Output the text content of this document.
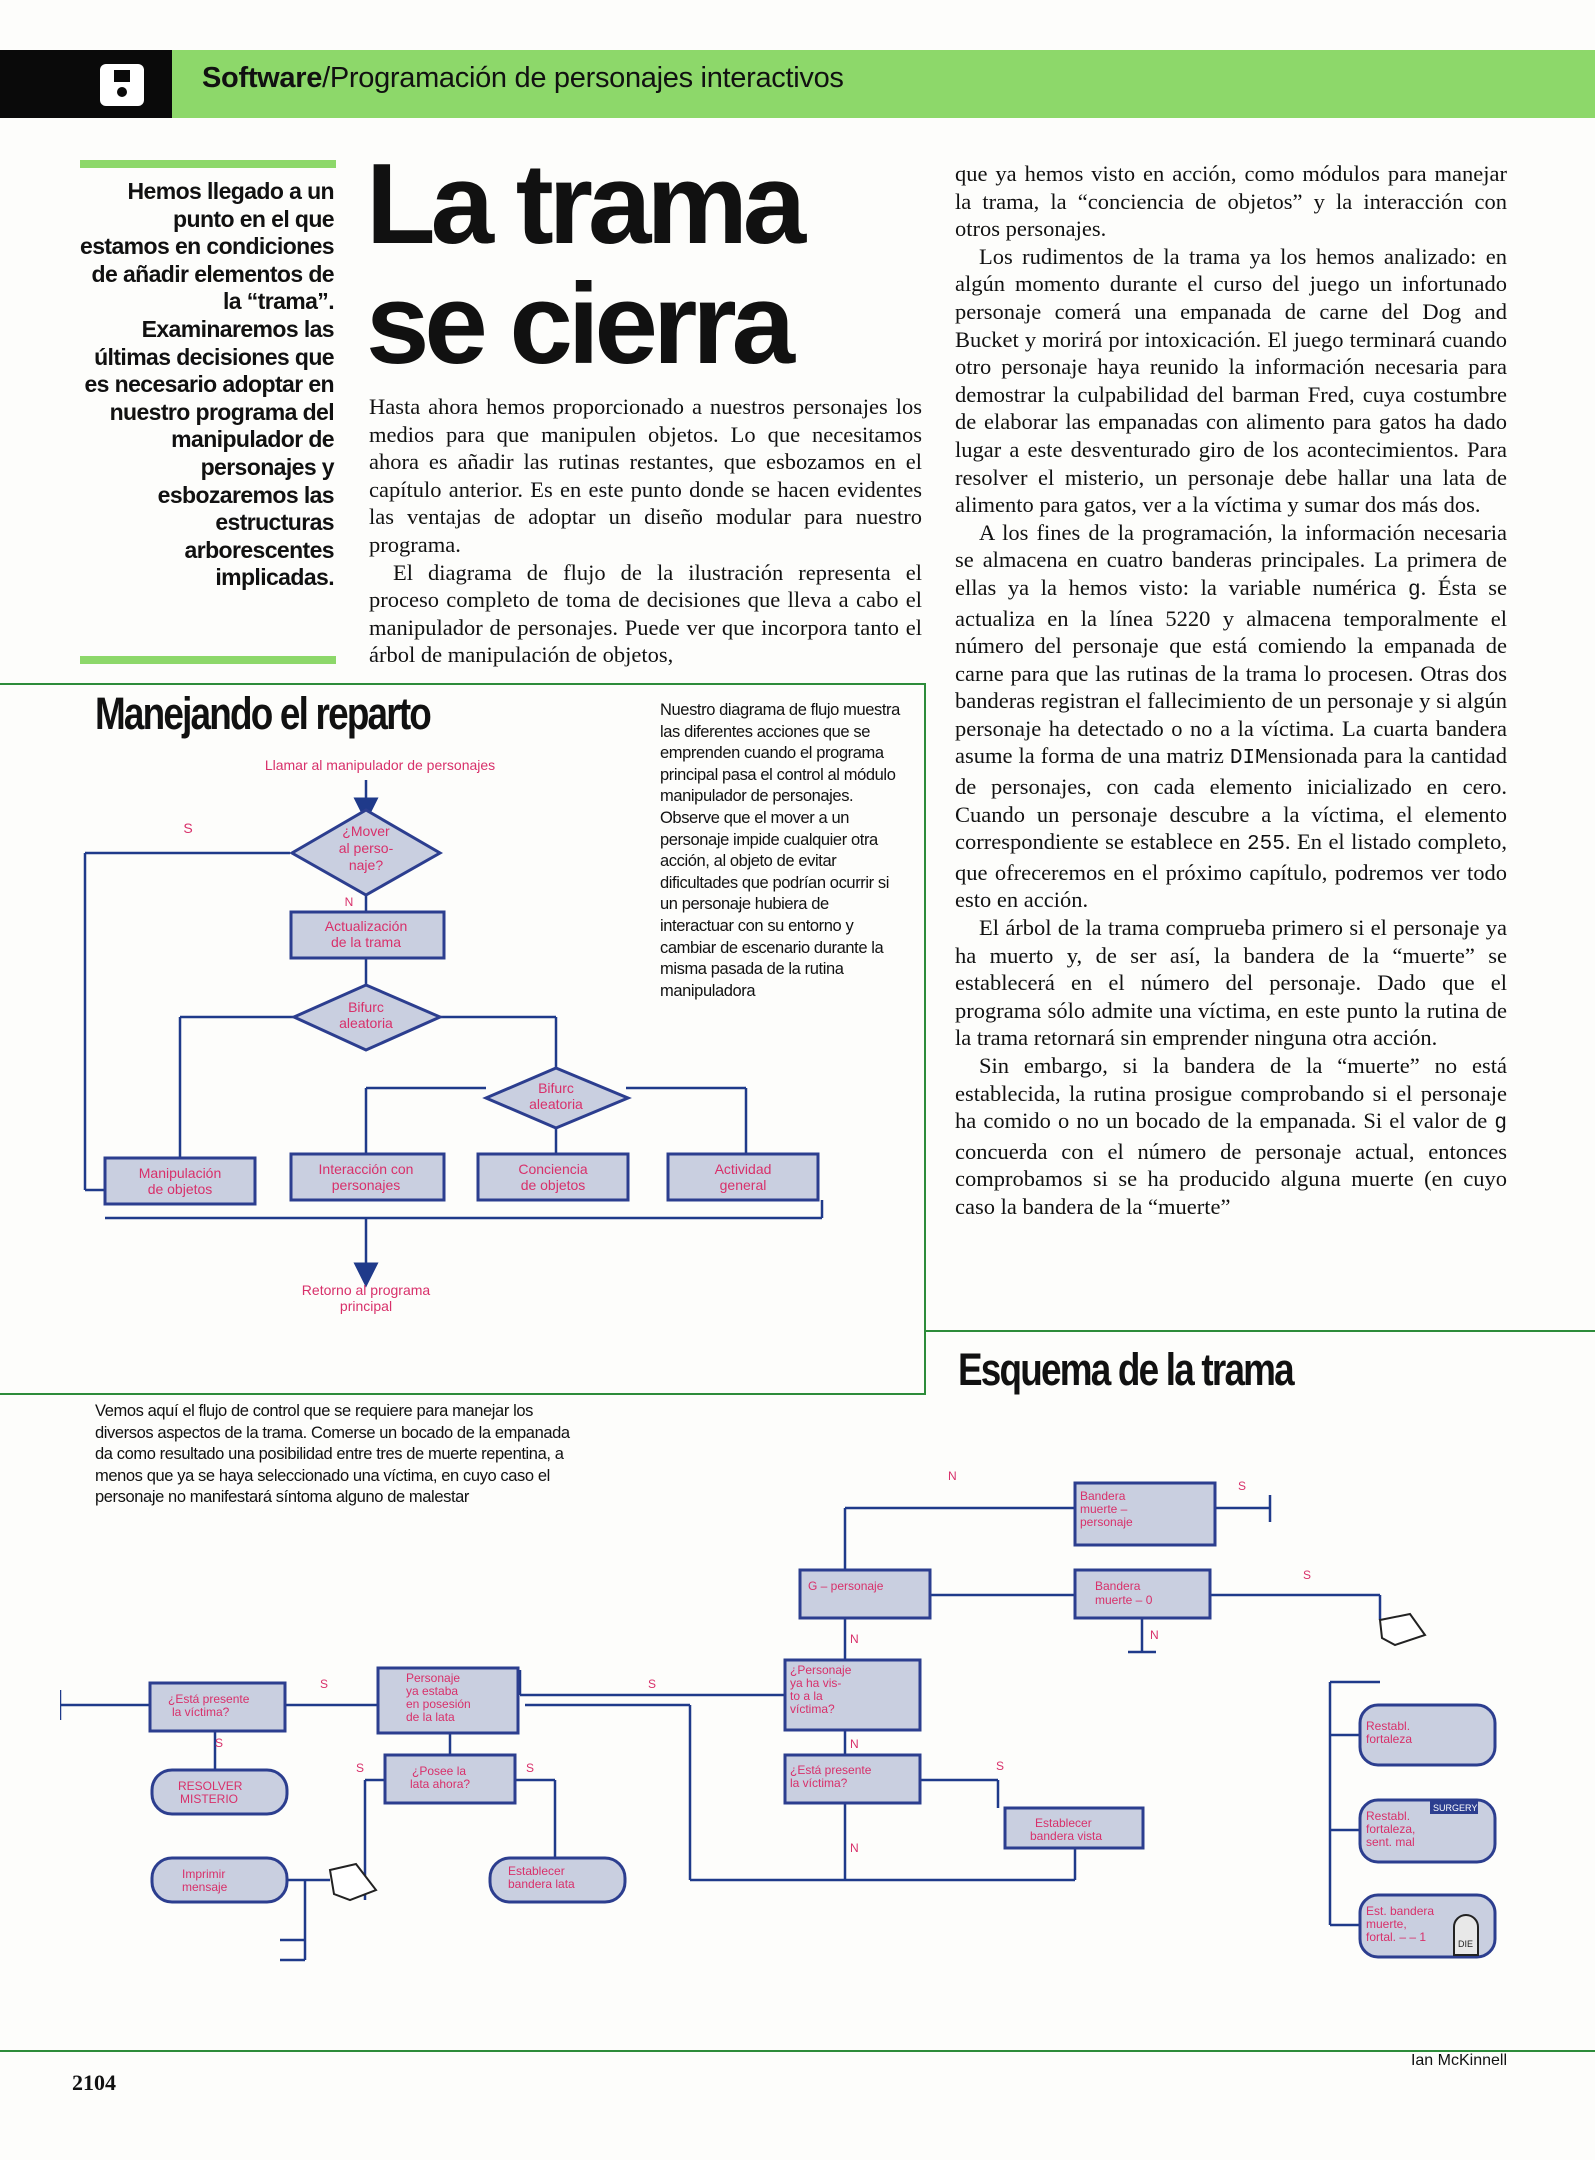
Software/Programación de personajes interactivos
Hemos llegado a un punto en el que estamos en condiciones de añadir elementos de la “trama”. Examinaremos las últimas decisiones que es necesario adoptar en nuestro programa del manipulador de personajes y esbozaremos las estructuras arborescentes implicadas.
La trama
se cierra

Hasta ahora hemos proporcionado a nuestros personajes los medios para que manipulen objetos. Lo que necesitamos ahora es añadir las rutinas restantes, que esbozamos en el capítulo anterior. Es en este punto donde se hacen evidentes las ventajas de adoptar un diseño modular para nuestro programa.

El diagrama de flujo de la ilustración representa el proceso completo de toma de decisiones que lleva a cabo el manipulador de personajes. Puede ver que incorpora tanto el árbol de manipulación de objetos,

que ya hemos visto en acción, como módulos para manejar la trama, la “conciencia de objetos” y la interacción con otros personajes.

Los rudimentos de la trama ya los hemos analizado: en algún momento durante el curso del juego un infortunado personaje comerá una empanada de carne del Dog and Bucket y morirá por intoxicación. El juego terminará cuando otro personaje haya reunido la información necesaria para demostrar la culpabilidad del barman Fred, cuya costumbre de elaborar las empanadas con alimento para gatos ha dado lugar a este desventurado giro de los acontecimientos. Para resolver el misterio, un personaje debe hallar una lata de alimento para gatos, ver a la víctima y sumar dos más dos.

A los fines de la programación, la información necesaria se almacena en cuatro banderas principales. La primera de ellas ya la hemos visto: la variable numérica g. Ésta se actualiza en la línea 5220 y almacena temporalmente el número del personaje que está comiendo la empanada de carne para que las rutinas de la trama lo procesen. Otras dos banderas registran el fallecimiento de un personaje y si algún personaje ha detectado o no a la víctima. La cuarta bandera asume la forma de una matriz DIMensionada para la cantidad de personajes, con cada elemento inicializado en cero. Cuando un personaje descubre a la víctima, el elemento correspondiente se establece en 255. En el listado completo, que ofreceremos en el próximo capítulo, podremos ver todo esto en acción.

El árbol de la trama comprueba primero si el personaje ya ha muerto y, de ser así, la bandera de la “muerte” se establecerá en el número del personaje. Dado que el programa sólo admite una víctima, en este punto la rutina de la trama retornará sin emprender ninguna otra acción.

Sin embargo, si la bandera de la “muerte” no está establecida, la rutina prosigue comprobando si el personaje ha comido o no un bocado de la empanada. Si el valor de g concuerda con el número de personaje actual, entonces comprobamos si se ha producido alguna muerte (en cuyo caso la bandera de la “muerte”

Manejando el reparto	Nuestro diagrama de flujo muestra las diferentes acciones que se emprenden cuando el programa principal pasa el control al módulo manipulador de personajes. Observe que el mover a un personaje impide cualquier otra acción, al objeto de evitar dificultades que podrían ocurrir si un personaje hubiera de interactuar con su entorno y cambiar de escenario durante la misma pasada de la rutina manipuladora
Llamar al manipulador de personajes
S
N
¿Mover
al perso-
naje?
Actualización
de la trama
Bifurc
aleatoria
Bifurc
aleatoria
Manipulación
de objetos
Interacción con
personajes
Conciencia
de objetos
Actividad
general
Retorno al programa
principal
Esquema de la trama
Vemos aquí el flujo de control que se requiere para manejar los diversos aspectos de la trama. Comerse un bocado de la empanada da como resultado una posibilidad entre tres de muerte repentina, a menos que ya se haya seleccionado una víctima, en cuyo caso el personaje no manifestará síntoma alguno de malestar	Bandera
muerte –
personaje
G – personaje	Bandera
muerte – 0
¿Personaje
ya ha vis-
to a la
víctima?
¿Está presente
la víctima?
Establecer
bandera vista
¿Está presente
la víctima?
Personaje
ya estaba
en posesión
de la lata
¿Posee la
lata ahora?
RESOLVER
MISTERIO
Imprimir
mensaje
Establecer
bandera lata
Restabl.
fortaleza
Restabl.
fortaleza,
sent. mal
Est. bandera
muerte,
fortal. – – 1
N
S
S
N
N
S
N
S
N
S
S
S	S
SURGERY
DIE
Ian McKinnell
2104
